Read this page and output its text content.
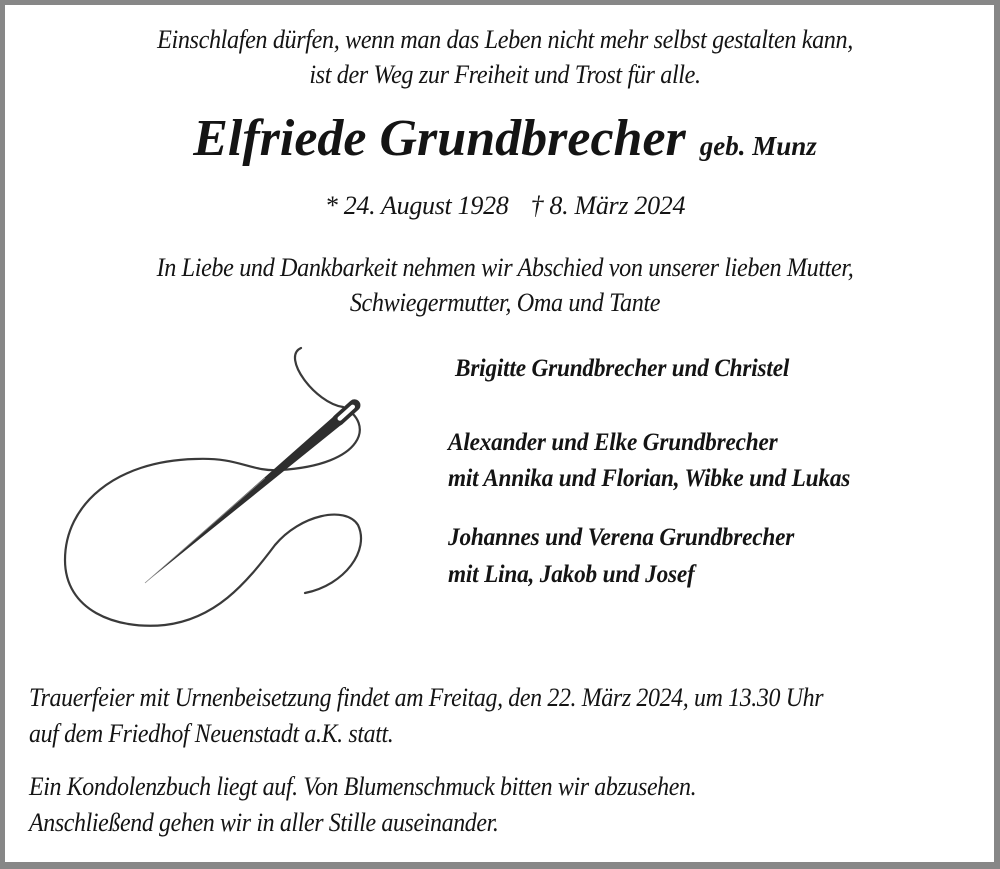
Einschlafen dürfen, wenn man das Leben nicht mehr selbst gestalten kann,
ist der Weg zur Freiheit und Trost für alle.
Elfriede Grundbrecher geb. Munz
* 24. August 1928 † 8. März 2024
In Liebe und Dankbarkeit nehmen wir Abschied von unserer lieben Mutter,
Schwiegermutter, Oma und Tante
Brigitte Grundbrecher und Christel
Alexander und Elke Grundbrecher
mit Annika und Florian, Wibke und Lukas
Johannes und Verena Grundbrecher
mit Lina, Jakob und Josef
Trauerfeier mit Urnenbeisetzung findet am Freitag, den 22. März 2024, um 13.30 Uhr
auf dem Friedhof Neuenstadt a.K. statt.
Ein Kondolenzbuch liegt auf. Von Blumenschmuck bitten wir abzusehen.
Anschließend gehen wir in aller Stille auseinander.
